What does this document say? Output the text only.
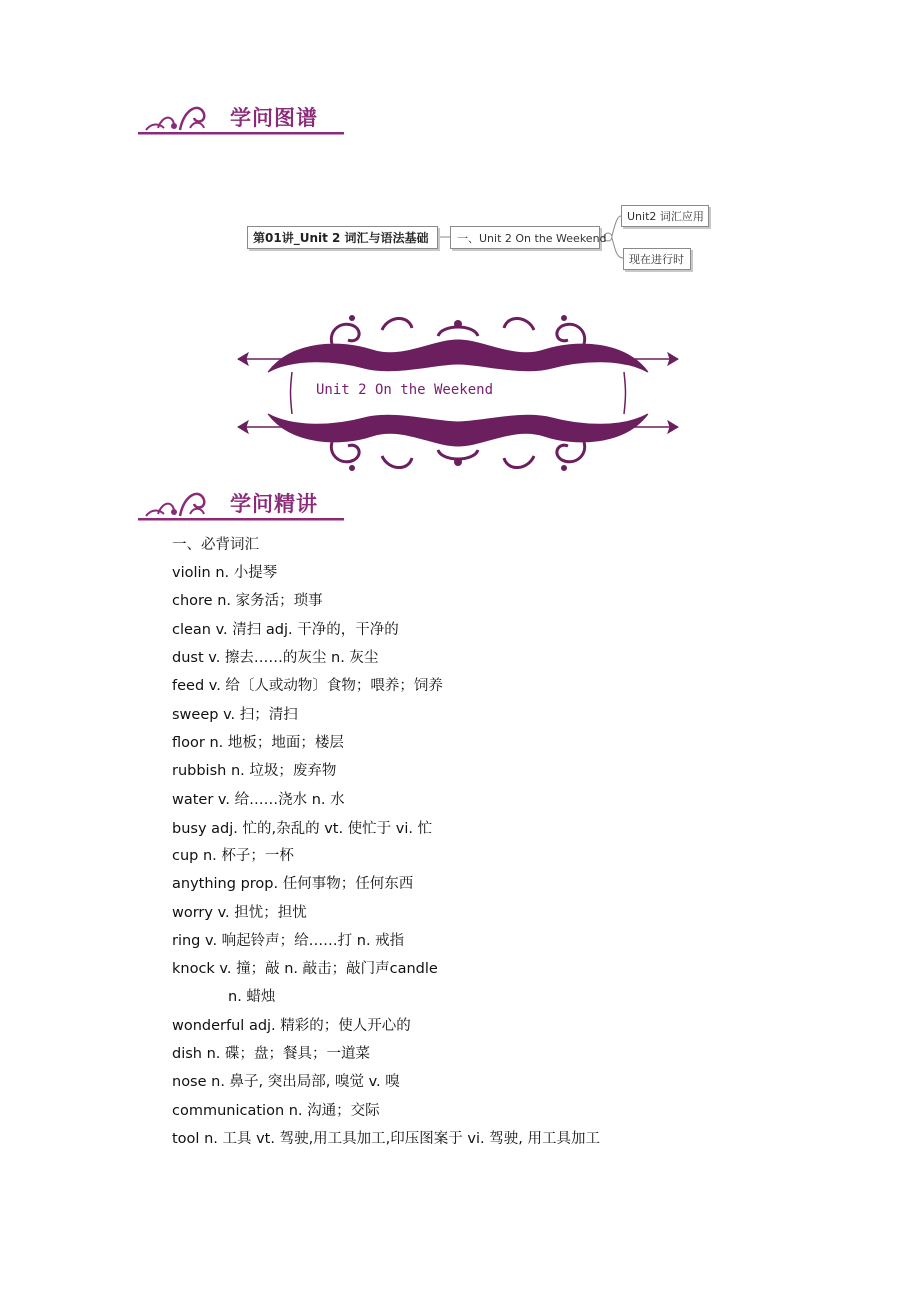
学问图谱
第01讲_Unit 2 词汇与语法基础	一、Unit 2 On the Weekend
Unit2 词汇应用
现在进行时
Unit 2 On the Weekend
学问精讲
一、必背词汇
violin n. 小提琴
chore n. 家务活；琐事
clean v. 清扫 adj. 干净的，干净的
dust v. 擦去……的灰尘 n. 灰尘
feed v. 给〔人或动物〕食物；喂养；饲养
sweep v. 扫；清扫
floor n. 地板；地面；楼层
rubbish n. 垃圾；废弃物
water v. 给……浇水 n. 水
busy adj. 忙的,杂乱的 vt. 使忙于 vi. 忙
cup n. 杯子；一杯
anything prop. 任何事物；任何东西
worry v. 担忧；担忧
ring v. 响起铃声；给……打 n. 戒指
knock v. 撞；敲 n. 敲击；敲门声candle
n. 蜡烛
wonderful adj. 精彩的；使人开心的
dish n. 碟；盘；餐具；一道菜
nose n. 鼻子, 突出局部, 嗅觉 v. 嗅
communication n. 沟通；交际
tool n. 工具 vt. 驾驶,用工具加工,印压图案于 vi. 驾驶, 用工具加工
